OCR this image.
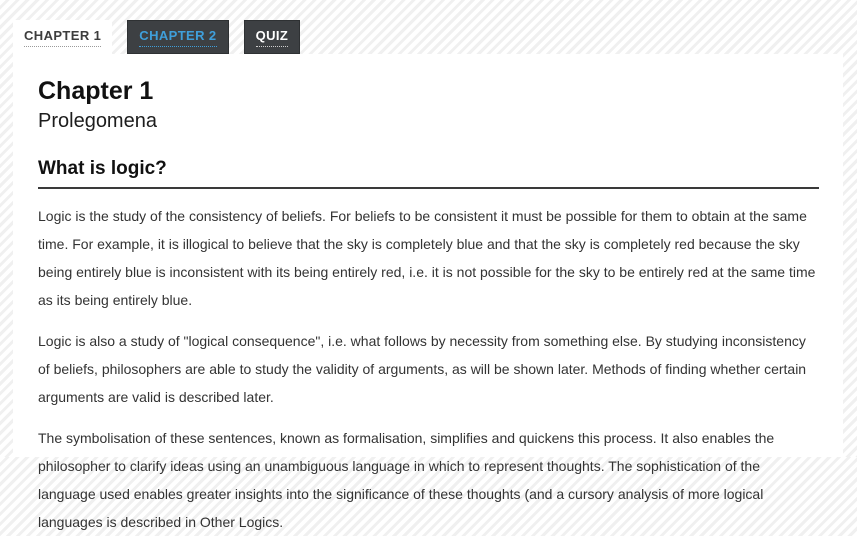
CHAPTER 1	CHAPTER 2	QUIZ
Chapter 1
Prolegomena
What is logic?

Logic is the study of the consistency of beliefs. For beliefs to be consistent it must be possible for them to obtain at the same time. For example, it is illogical to believe that the sky is completely blue and that the sky is completely red because the sky being entirely blue is inconsistent with its being entirely red, i.e. it is not possible for the sky to be entirely red at the same time as its being entirely blue.

Logic is also a study of "logical consequence", i.e. what follows by necessity from something else. By studying inconsistency of beliefs, philosophers are able to study the validity of arguments, as will be shown later. Methods of finding whether certain arguments are valid is described later.

The symbolisation of these sentences, known as formalisation, simplifies and quickens this process. It also enables the philosopher to clarify ideas using an unambiguous language in which to represent thoughts. The sophistication of the language used enables greater insights into the significance of these thoughts (and a cursory analysis of more logical languages is described in Other Logics.
